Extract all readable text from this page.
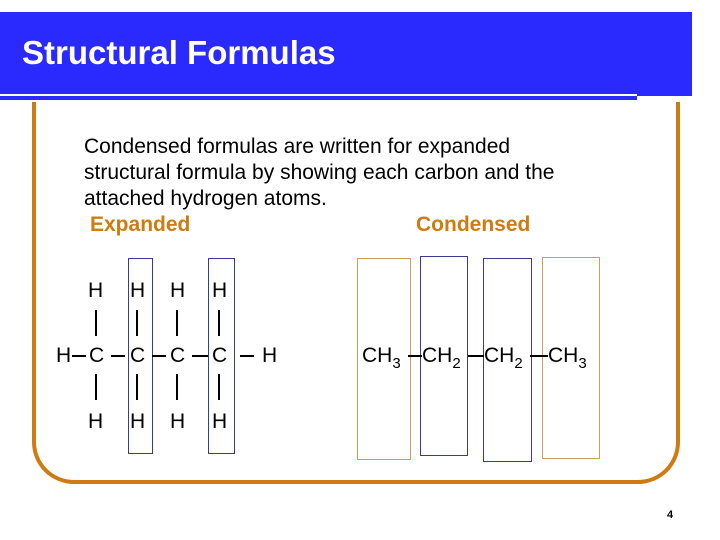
Structural Formulas
Condensed formulas are written for expanded
structural formula by showing each carbon and the
attached hydrogen atoms.
Expanded	Condensed
H H H H
H C C C C H
H H H H
$CH_3$ $CH_2$ $CH_2$ $CH_3$
4
